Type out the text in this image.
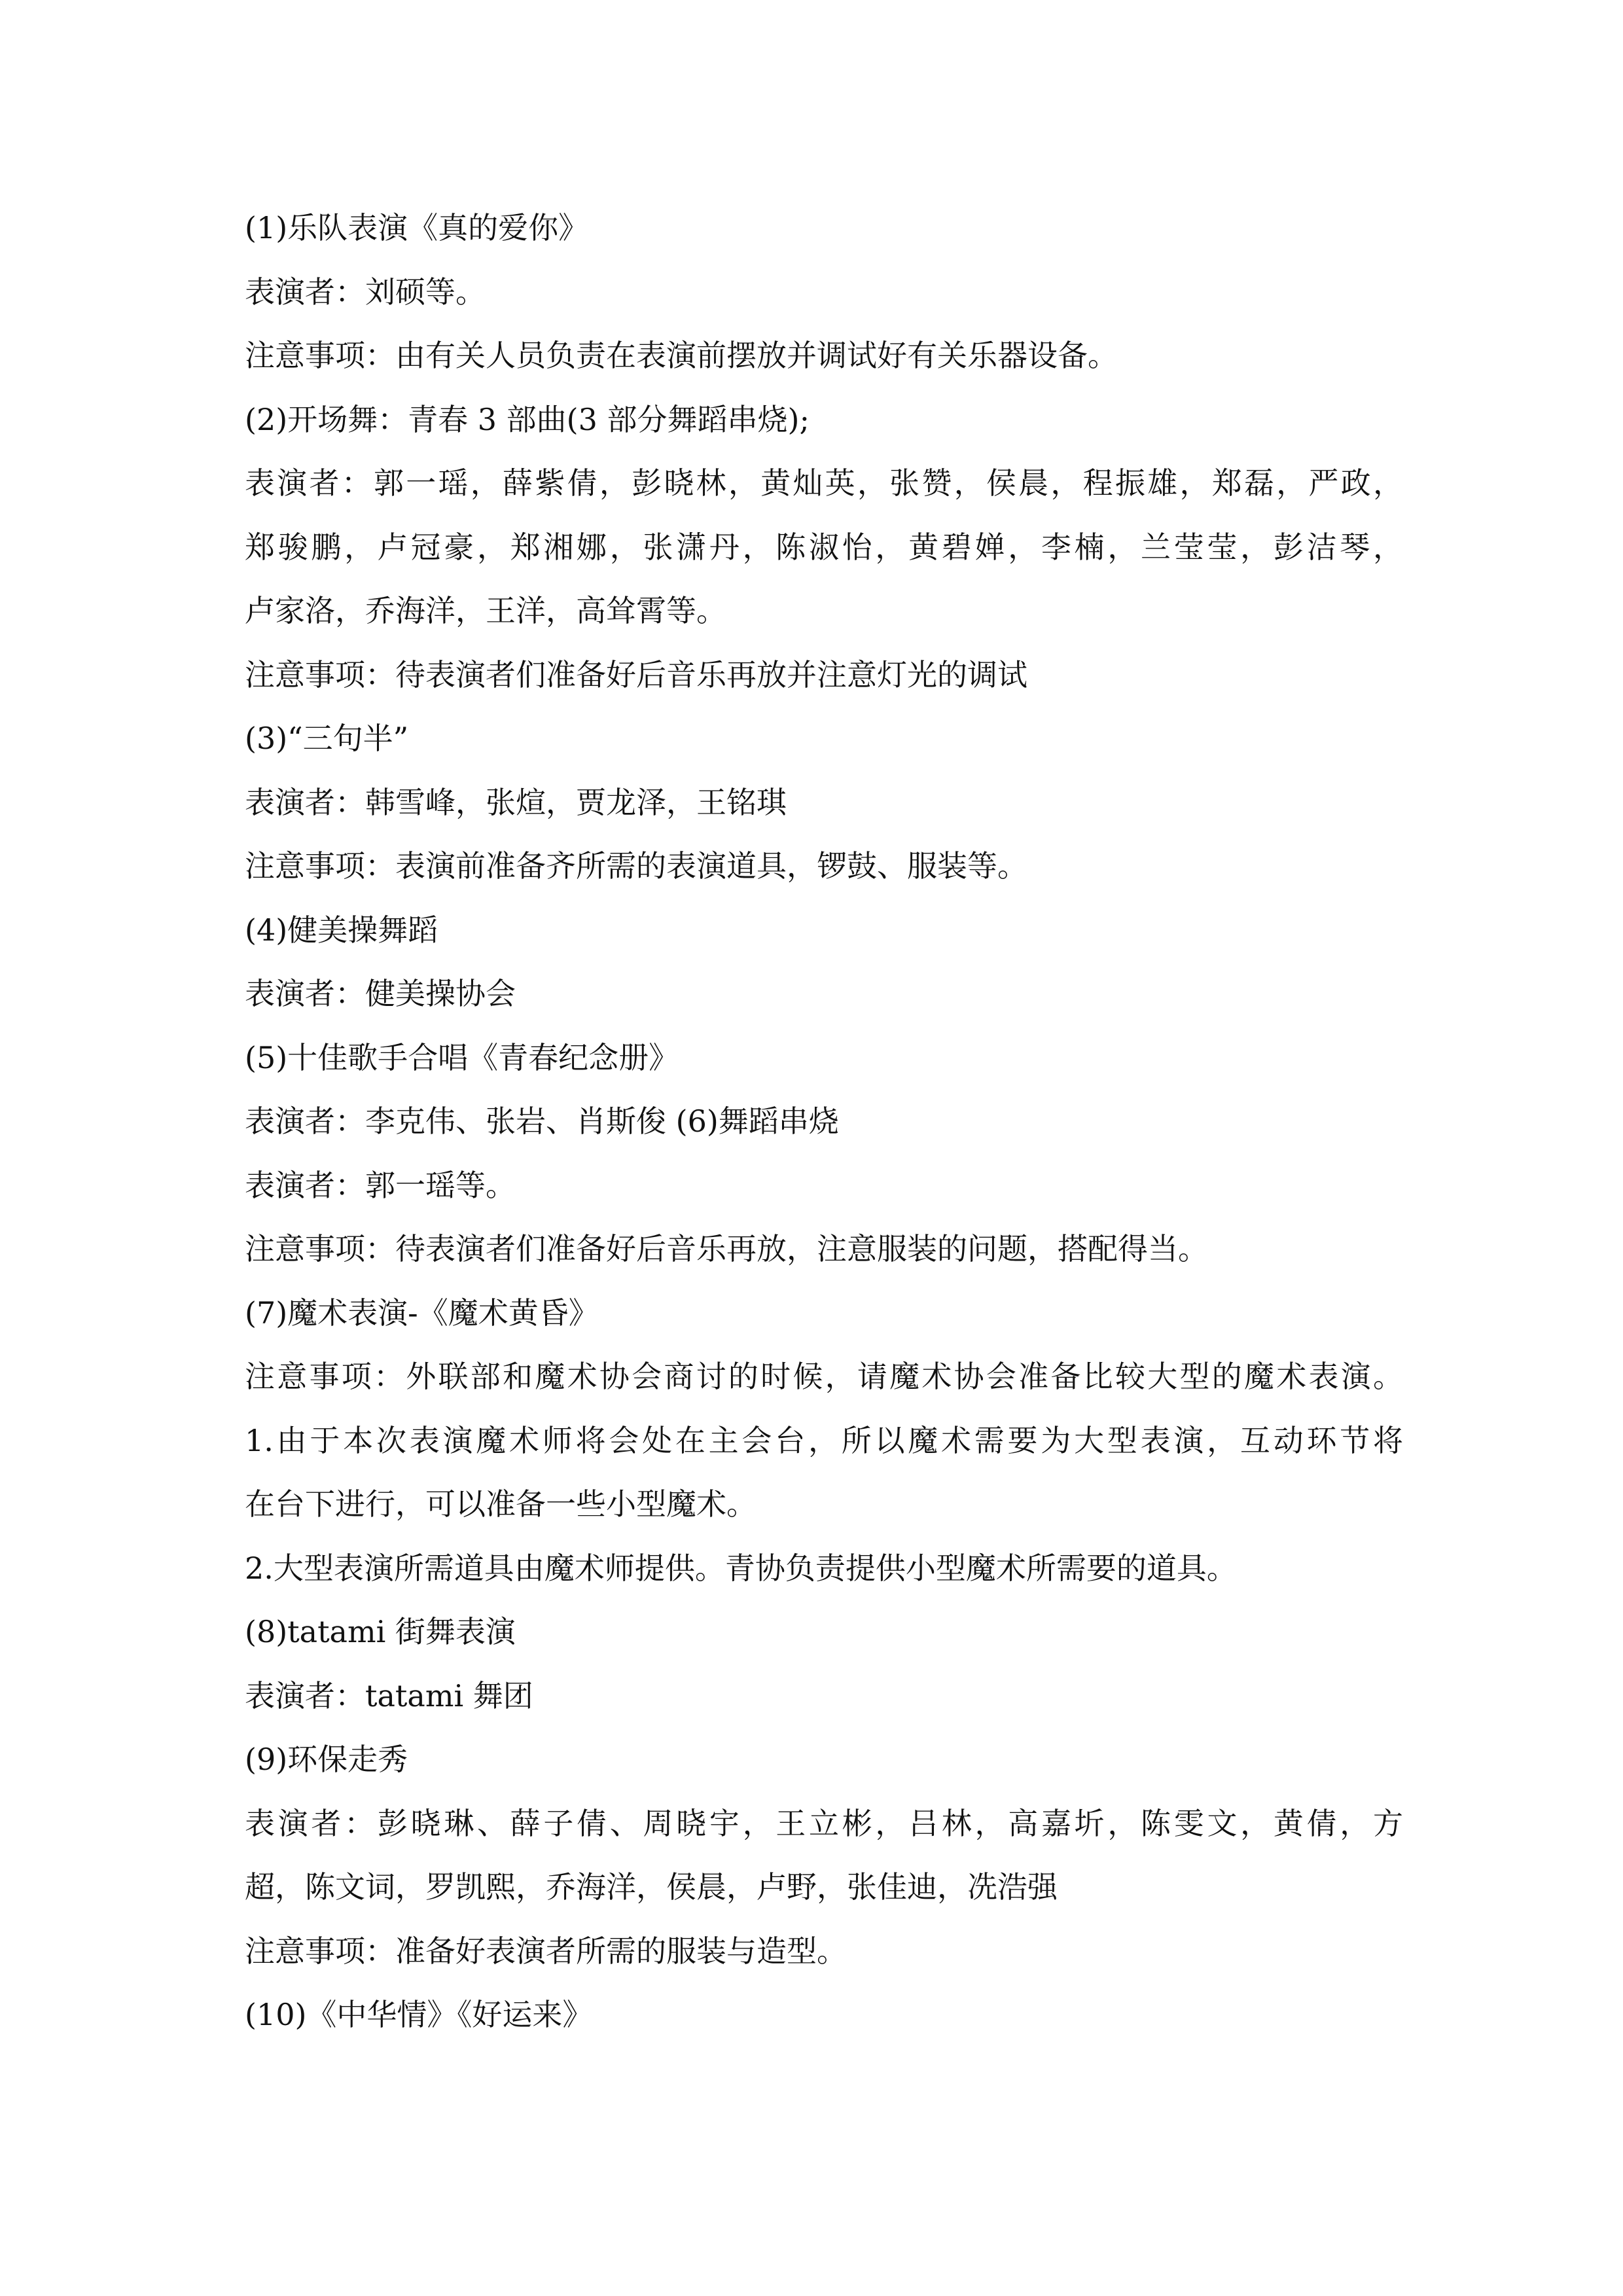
(1)乐队表演《真的爱你》
表演者：刘硕等。
注意事项：由有关人员负责在表演前摆放并调试好有关乐器设备。
(2)开场舞：青春 3 部曲(3 部分舞蹈串烧);
表演者：郭一瑶，薛紫倩，彭晓林，黄灿英，张赞，侯晨，程振雄，郑磊，严政，
郑骏鹏，卢冠豪，郑湘娜，张潇丹，陈淑怡，黄碧婵，李楠，兰莹莹，彭洁琴，
卢家洛，乔海洋，王洋，高耸霄等。
注意事项：待表演者们准备好后音乐再放并注意灯光的调试
(3)“三句半”
表演者：韩雪峰，张煊，贾龙泽，王铭琪
注意事项：表演前准备齐所需的表演道具，锣鼓、服装等。
(4)健美操舞蹈
表演者：健美操协会
(5)十佳歌手合唱《青春纪念册》
表演者：李克伟、张岩、肖斯俊 (6)舞蹈串烧
表演者：郭一瑶等。
注意事项：待表演者们准备好后音乐再放，注意服装的问题，搭配得当。
(7)魔术表演-《魔术黄昏》
注意事项：外联部和魔术协会商讨的时候，请魔术协会准备比较大型的魔术表演。
1.由于本次表演魔术师将会处在主会台，所以魔术需要为大型表演，互动环节将
在台下进行，可以准备一些小型魔术。
2.大型表演所需道具由魔术师提供。青协负责提供小型魔术所需要的道具。
(8)tatami 街舞表演
表演者：tatami 舞团
(9)环保走秀
表演者：彭晓琳、薛子倩、周晓宇，王立彬，吕林，高嘉圻，陈雯文，黄倩，方
超，陈文词，罗凯熙，乔海洋，侯晨，卢野，张佳迪，冼浩强
注意事项：准备好表演者所需的服装与造型。
(10)《中华情》《好运来》
